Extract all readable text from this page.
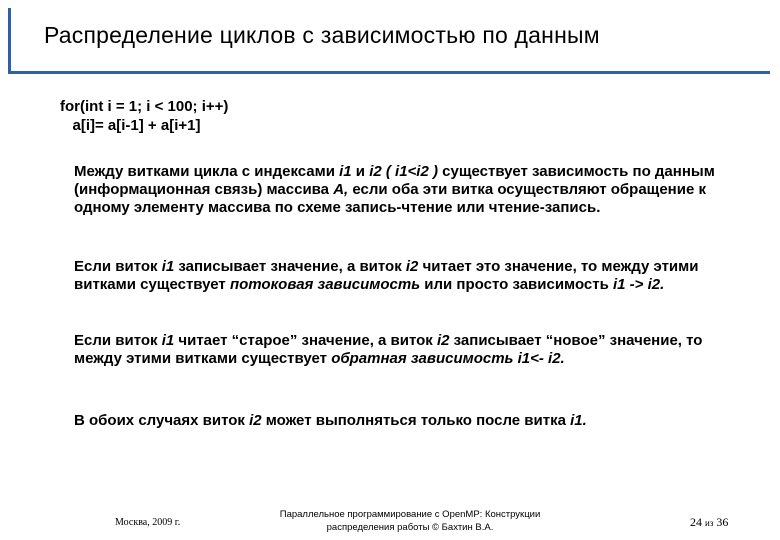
Распределение циклов с зависимостью по данным
for(int i = 1; i < 100; i++)
a[i]= a[i-1] + a[i+1]
Между витками цикла с индексами i1 и i2 ( i1<i2 ) существует зависимость по данным (информационная связь) массива A, если оба эти витка осуществляют обращение к одному элементу массива по схеме запись-чтение или чтение-запись.
Если виток i1 записывает значение, а виток i2 читает это значение, то между этими витками существует потоковая зависимость или просто зависимость i1 -> i2.
Если виток i1 читает “старое” значение, а виток i2 записывает “новое” значение, то между этими витками существует обратная зависимость i1<- i2.
В обоих случаях виток i2 может выполняться только после витка i1.
Москва, 2009 г.
Параллельное программирование с OpenMP: Конструкции
распределения работы © Бахтин В.А.	24 из 36
